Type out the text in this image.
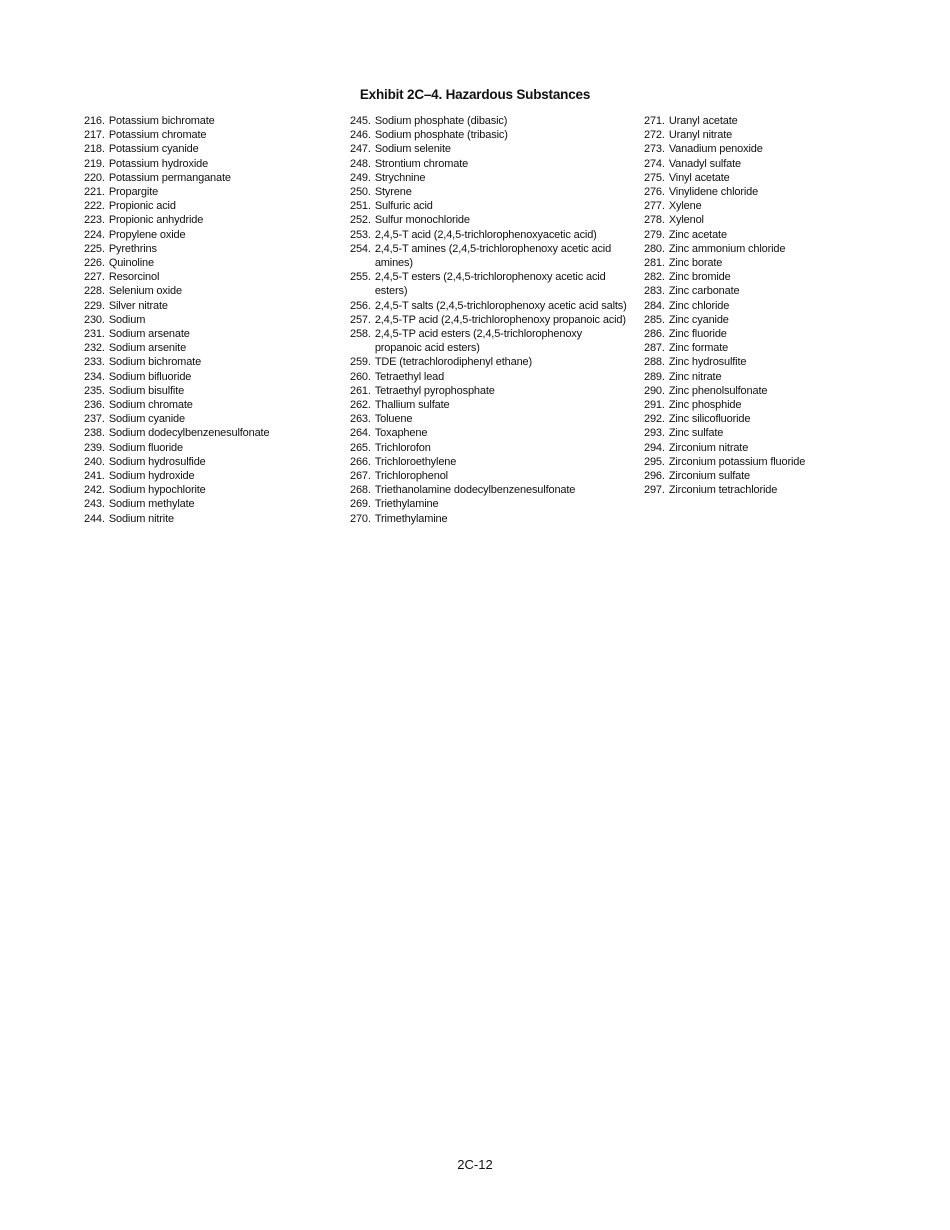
Exhibit 2C–4. Hazardous Substances
216. Potassium bichromate
217. Potassium chromate
218. Potassium cyanide
219. Potassium hydroxide
220. Potassium permanganate
221. Propargite
222. Propionic acid
223. Propionic anhydride
224. Propylene oxide
225. Pyrethrins
226. Quinoline
227. Resorcinol
228. Selenium oxide
229. Silver nitrate
230. Sodium
231. Sodium arsenate
232. Sodium arsenite
233. Sodium bichromate
234. Sodium bifluoride
235. Sodium bisulfite
236. Sodium chromate
237. Sodium cyanide
238. Sodium dodecylbenzenesulfonate
239. Sodium fluoride
240. Sodium hydrosulfide
241. Sodium hydroxide
242. Sodium hypochlorite
243. Sodium methylate
244. Sodium nitrite
245. Sodium phosphate (dibasic)
246. Sodium phosphate (tribasic)
247. Sodium selenite
248. Strontium chromate
249. Strychnine
250. Styrene
251. Sulfuric acid
252. Sulfur monochloride
253. 2,4,5-T acid (2,4,5-trichlorophenoxyacetic acid)
254. 2,4,5-T amines (2,4,5-trichlorophenoxy acetic acid amines)
255. 2,4,5-T esters (2,4,5-trichlorophenoxy acetic acid esters)
256. 2,4,5-T salts (2,4,5-trichlorophenoxy acetic acid salts)
257. 2,4,5-TP acid (2,4,5-trichlorophenoxy propanoic acid)
258. 2,4,5-TP acid esters (2,4,5-trichlorophenoxy propanoic acid esters)
259. TDE (tetrachlorodiphenyl ethane)
260. Tetraethyl lead
261. Tetraethyl pyrophosphate
262. Thallium sulfate
263. Toluene
264. Toxaphene
265. Trichlorofon
266. Trichloroethylene
267. Trichlorophenol
268. Triethanolamine dodecylbenzenesulfonate
269. Triethylamine
270. Trimethylamine
271. Uranyl acetate
272. Uranyl nitrate
273. Vanadium penoxide
274. Vanadyl sulfate
275. Vinyl acetate
276. Vinylidene chloride
277. Xylene
278. Xylenol
279. Zinc acetate
280. Zinc ammonium chloride
281. Zinc borate
282. Zinc bromide
283. Zinc carbonate
284. Zinc chloride
285. Zinc cyanide
286. Zinc fluoride
287. Zinc formate
288. Zinc hydrosulfite
289. Zinc nitrate
290. Zinc phenolsulfonate
291. Zinc phosphide
292. Zinc silicofluoride
293. Zinc sulfate
294. Zirconium nitrate
295. Zirconium potassium fluoride
296. Zirconium sulfate
297. Zirconium tetrachloride
2C-12
